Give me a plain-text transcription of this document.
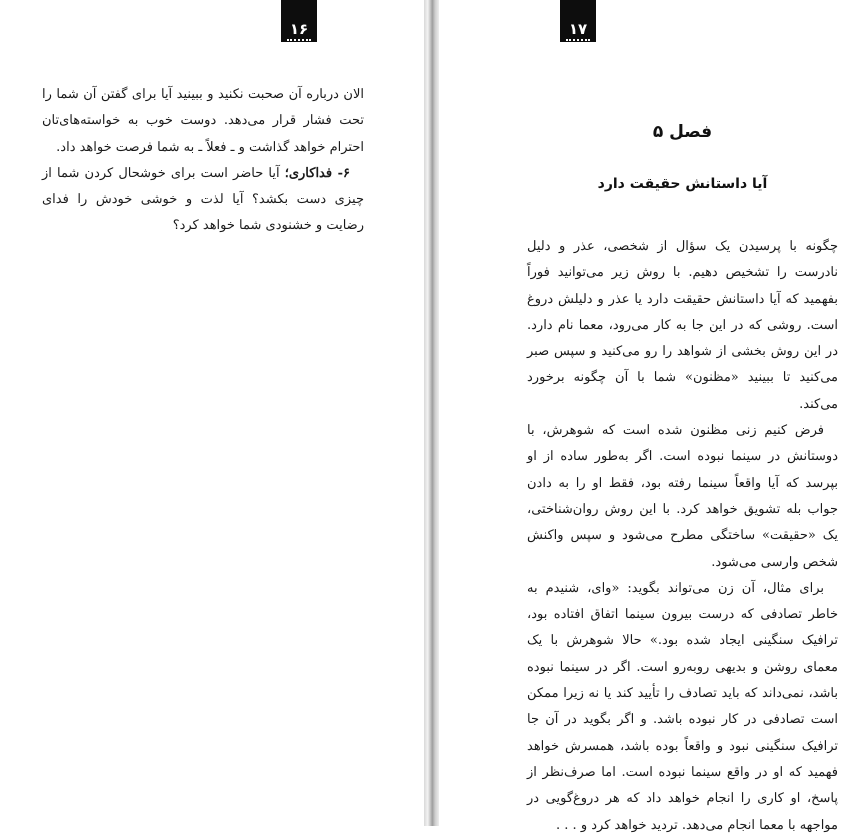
۱۶

الان درباره آن صحبت نکنید و ببینید آیا برای گفتن آن شما را تحت فشار قرار می‌دهد. دوست خوب به خواسته‌های‌تان احترام خواهد گذاشت و ـ فعلاً ـ به شما فرصت خواهد داد.

۶- فداکاری؛ آیا حاضر است برای خوشحال کردن شما از چیزی دست بکشد؟ آیا لذت و خوشی خودش را فدای رضایت و خشنودی شما خواهد کرد؟

۱۷
فصل ۵
آیا داستانش حقیقت دارد

چگونه با پرسیدن یک سؤال از شخصی، عذر و دلیل نادرست را تشخیص دهیم. با روش زیر می‌توانید فوراً بفهمید که آیا داستانش حقیقت دارد یا عذر و دلیلش دروغ است. روشی که در این جا به کار می‌رود، معما نام دارد. در این روش بخشی از شواهد را رو می‌کنید و سپس صبر می‌کنید تا ببینید «مظنون» شما با آن چگونه برخورد می‌کند.

فرض کنیم زنی مظنون شده است که شوهرش، با دوستانش در سینما نبوده است. اگر به‌طور ساده از او بپرسد که آیا واقعاً سینما رفته بود، فقط او را به دادن جواب بله تشویق خواهد کرد. با این روش روان‌شناختی، یک «حقیقت» ساختگی مطرح می‌شود و سپس واکنش شخص وارسی می‌شود.

برای مثال، آن زن می‌تواند بگوید: «وای، شنیدم به خاطر تصادفی که درست بیرون سینما اتفاق افتاده بود، ترافیک سنگینی ایجاد شده بود.» حالا شوهرش با یک معمای روشن و بدیهی روبه‌رو است. اگر در سینما نبوده باشد، نمی‌داند که باید تصادف را تأیید کند یا نه زیرا ممکن است تصادفی در کار نبوده باشد. و اگر بگوید در آن جا ترافیک سنگینی نبود و واقعاً بوده باشد، همسرش خواهد فهمید که او در واقع سینما نبوده است. اما صرف‌نظر از پاسخ، او کاری را انجام خواهد داد که هر دروغ‌گویی در مواجهه با معما انجام می‌دهد. تردید خواهد کرد و . . .
